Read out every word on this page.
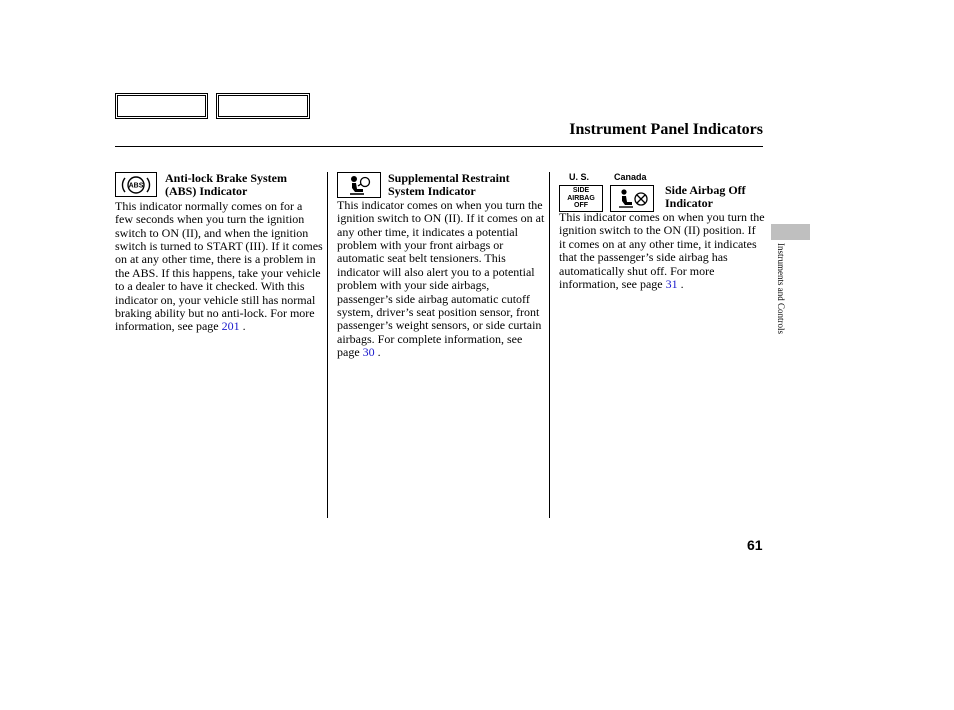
Instrument Panel Indicators
ABS
Anti-lock Brake System
(ABS) Indicator

This indicator normally comes on for a few seconds when you turn the ignition switch to ON (II), and when the ignition switch is turned to START (III). If it comes on at any other time, there is a problem in the ABS. If this happens, take your vehicle to a dealer to have it checked. With this indicator on, your vehicle still has normal braking ability but no anti-lock. For more information, see page 201 .

Supplemental Restraint
System Indicator

This indicator comes on when you turn the ignition switch to ON (II). If it comes on at any other time, it indicates a potential problem with your front airbags or automatic seat belt tensioners. This indicator will also alert you to a potential problem with your side airbags, passenger’s side airbag automatic cutoff system, driver’s seat position sensor, front passenger’s weight sensors, or side curtain airbags. For complete information, see page 30 .

U. S.
SIDE
AIRBAG
OFF
Canada
Side Airbag Off
Indicator

This indicator comes on when you turn the ignition switch to the ON (II) position. If it comes on at any other time, it indicates that the passenger’s side airbag has automatically shut off. For more information, see page 31 .	Instruments and Controls
61
